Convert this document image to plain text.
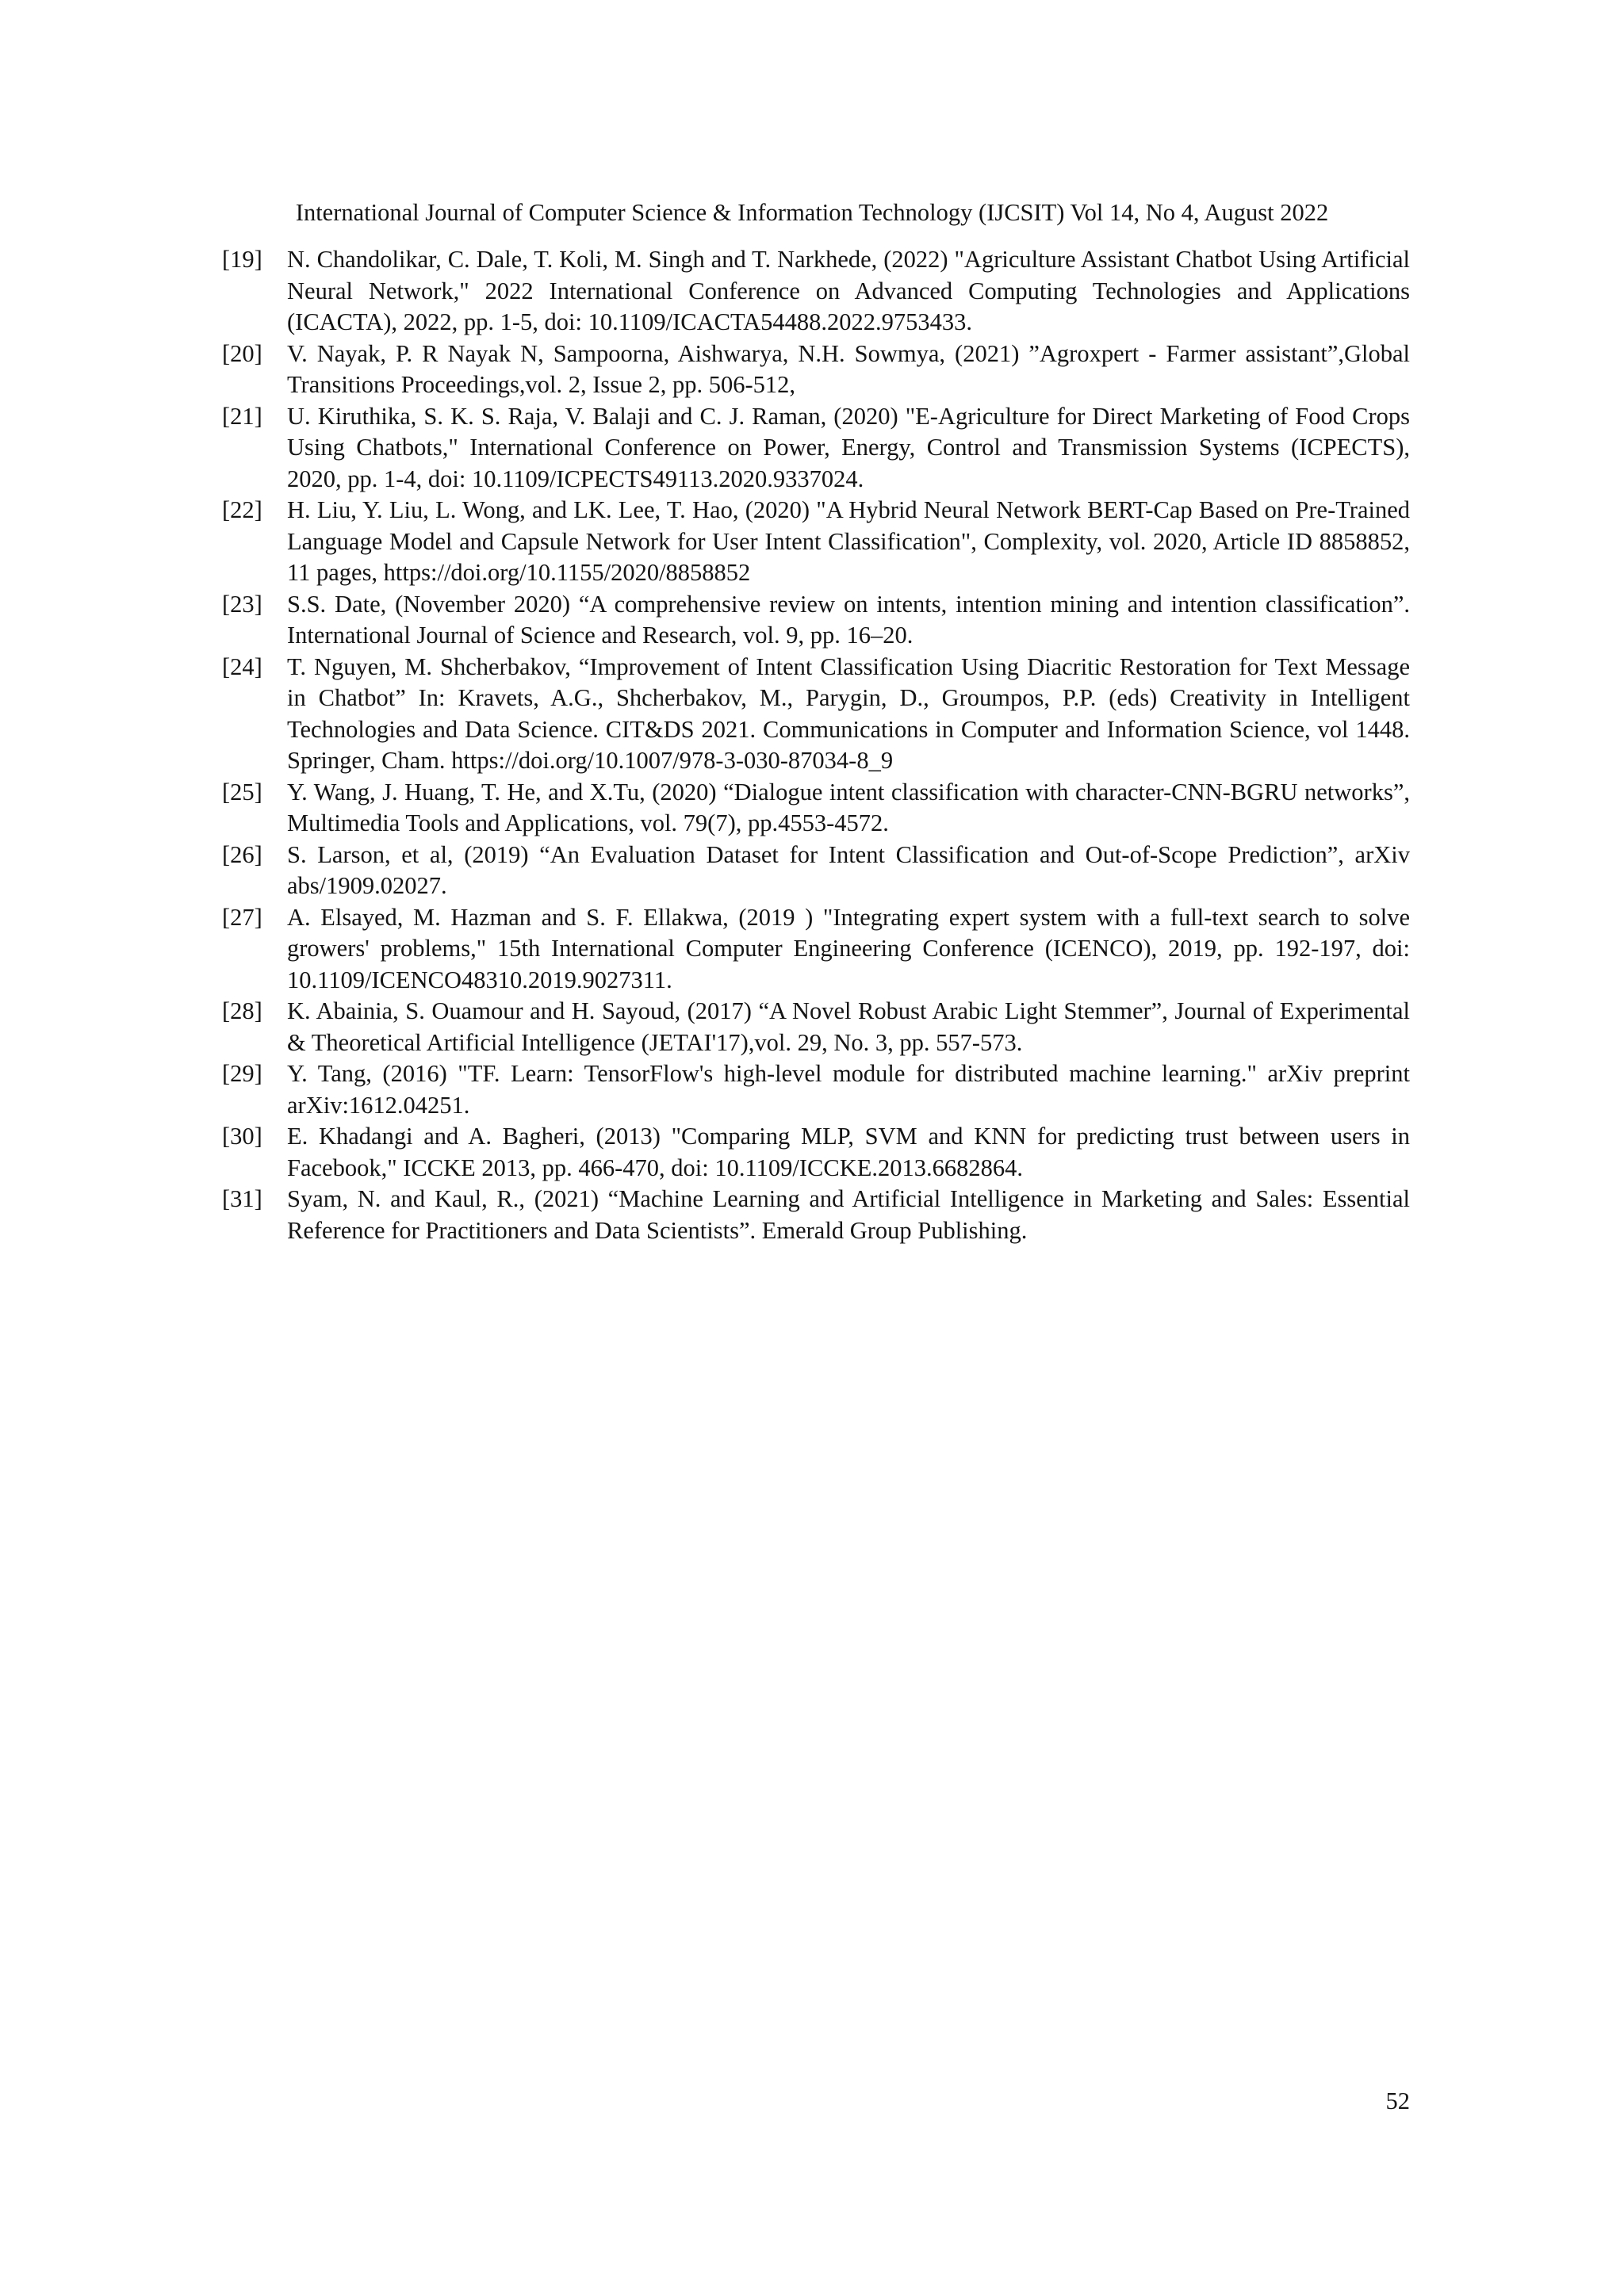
International Journal of Computer Science & Information Technology (IJCSIT) Vol 14, No 4, August 2022
[19]	N. Chandolikar, C. Dale, T. Koli, M. Singh and T. Narkhede, (2022) "Agriculture Assistant Chatbot Using Artificial Neural Network," 2022 International Conference on Advanced Computing Technologies and Applications (ICACTA), 2022, pp. 1-5, doi: 10.1109/ICACTA54488.2022.9753433.
[20]	V. Nayak, P. R Nayak N, Sampoorna, Aishwarya, N.H. Sowmya, (2021) ”Agroxpert - Farmer assistant”,Global Transitions Proceedings,vol. 2, Issue 2, pp. 506-512,
[21]	U. Kiruthika, S. K. S. Raja, V. Balaji and C. J. Raman, (2020) "E-Agriculture for Direct Marketing of Food Crops Using Chatbots," International Conference on Power, Energy, Control and Transmission Systems (ICPECTS), 2020, pp. 1-4, doi: 10.1109/ICPECTS49113.2020.9337024.
[22]	H. Liu, Y. Liu, L. Wong, and LK. Lee, T. Hao, (2020) "A Hybrid Neural Network BERT-Cap Based on Pre-Trained Language Model and Capsule Network for User Intent Classification", Complexity, vol. 2020, Article ID 8858852, 11 pages, https://doi.org/10.1155/2020/8858852
[23]	S.S. Date, (November 2020) “A comprehensive review on intents, intention mining and intention classification”. International Journal of Science and Research, vol. 9, pp. 16–20.
[24]	T. Nguyen, M. Shcherbakov, “Improvement of Intent Classification Using Diacritic Restoration for Text Message in Chatbot” In: Kravets, A.G., Shcherbakov, M., Parygin, D., Groumpos, P.P. (eds) Creativity in Intelligent Technologies and Data Science. CIT&DS 2021. Communications in Computer and Information Science, vol 1448. Springer, Cham. https://doi.org/10.1007/978-3-030-87034-8_9
[25]	Y. Wang, J. Huang, T. He, and X.Tu, (2020) “Dialogue intent classification with character-CNN-BGRU networks”, Multimedia Tools and Applications, vol. 79(7), pp.4553-4572.
[26]	S. Larson, et al, (2019) “An Evaluation Dataset for Intent Classification and Out-of-Scope Prediction”, arXiv abs/1909.02027.
[27]	A. Elsayed, M. Hazman and S. F. Ellakwa, (2019 ) "Integrating expert system with a full-text search to solve growers' problems," 15th International Computer Engineering Conference (ICENCO), 2019, pp. 192-197, doi: 10.1109/ICENCO48310.2019.9027311.
[28]	K. Abainia, S. Ouamour and H. Sayoud, (2017) “A Novel Robust Arabic Light Stemmer”, Journal of Experimental & Theoretical Artificial Intelligence (JETAI'17),vol. 29, No. 3, pp. 557-573.
[29]	Y. Tang, (2016) "TF. Learn: TensorFlow's high-level module for distributed machine learning." arXiv preprint arXiv:1612.04251.
[30]	E. Khadangi and A. Bagheri, (2013) "Comparing MLP, SVM and KNN for predicting trust between users in Facebook," ICCKE 2013, pp. 466-470, doi: 10.1109/ICCKE.2013.6682864.
[31]	Syam, N. and Kaul, R., (2021) “Machine Learning and Artificial Intelligence in Marketing and Sales: Essential Reference for Practitioners and Data Scientists”. Emerald Group Publishing.
52
